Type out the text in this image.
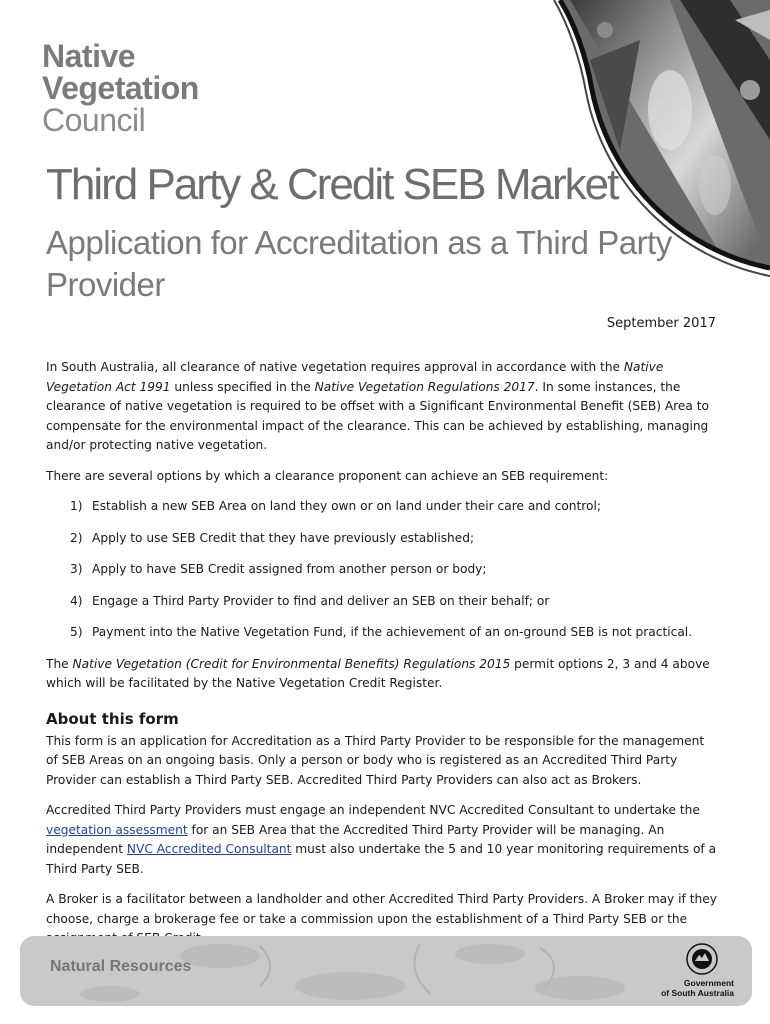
Native
Vegetation
Council
Third Party & Credit SEB Market
Application for Accreditation as a Third Party Provider
September 2017

In South Australia, all clearance of native vegetation requires approval in accordance with the Native Vegetation Act 1991 unless specified in the Native Vegetation Regulations 2017. In some instances, the clearance of native vegetation is required to be offset with a Significant Environmental Benefit (SEB) Area to compensate for the environmental impact of the clearance. This can be achieved by establishing, managing and/or protecting native vegetation.

There are several options by which a clearance proponent can achieve an SEB requirement:

1) Establish a new SEB Area on land they own or on land under their care and control;
2) Apply to use SEB Credit that they have previously established;
3) Apply to have SEB Credit assigned from another person or body;
4) Engage a Third Party Provider to find and deliver an SEB on their behalf; or
5) Payment into the Native Vegetation Fund, if the achievement of an on-ground SEB is not practical.

The Native Vegetation (Credit for Environmental Benefits) Regulations 2015 permit options 2, 3 and 4 above which will be facilitated by the Native Vegetation Credit Register.

About this form

This form is an application for Accreditation as a Third Party Provider to be responsible for the management of SEB Areas on an ongoing basis. Only a person or body who is registered as an Accredited Third Party Provider can establish a Third Party SEB. Accredited Third Party Providers can also act as Brokers.

Accredited Third Party Providers must engage an independent NVC Accredited Consultant to undertake the vegetation assessment for an SEB Area that the Accredited Third Party Provider will be managing. An independent NVC Accredited Consultant must also undertake the 5 and 10 year monitoring requirements of a Third Party SEB.

A Broker is a facilitator between a landholder and other Accredited Third Party Providers. A Broker may if they choose, charge a brokerage fee or take a commission upon the establishment of a Third Party SEB or the

Natural Resources
Government
of South Australia
